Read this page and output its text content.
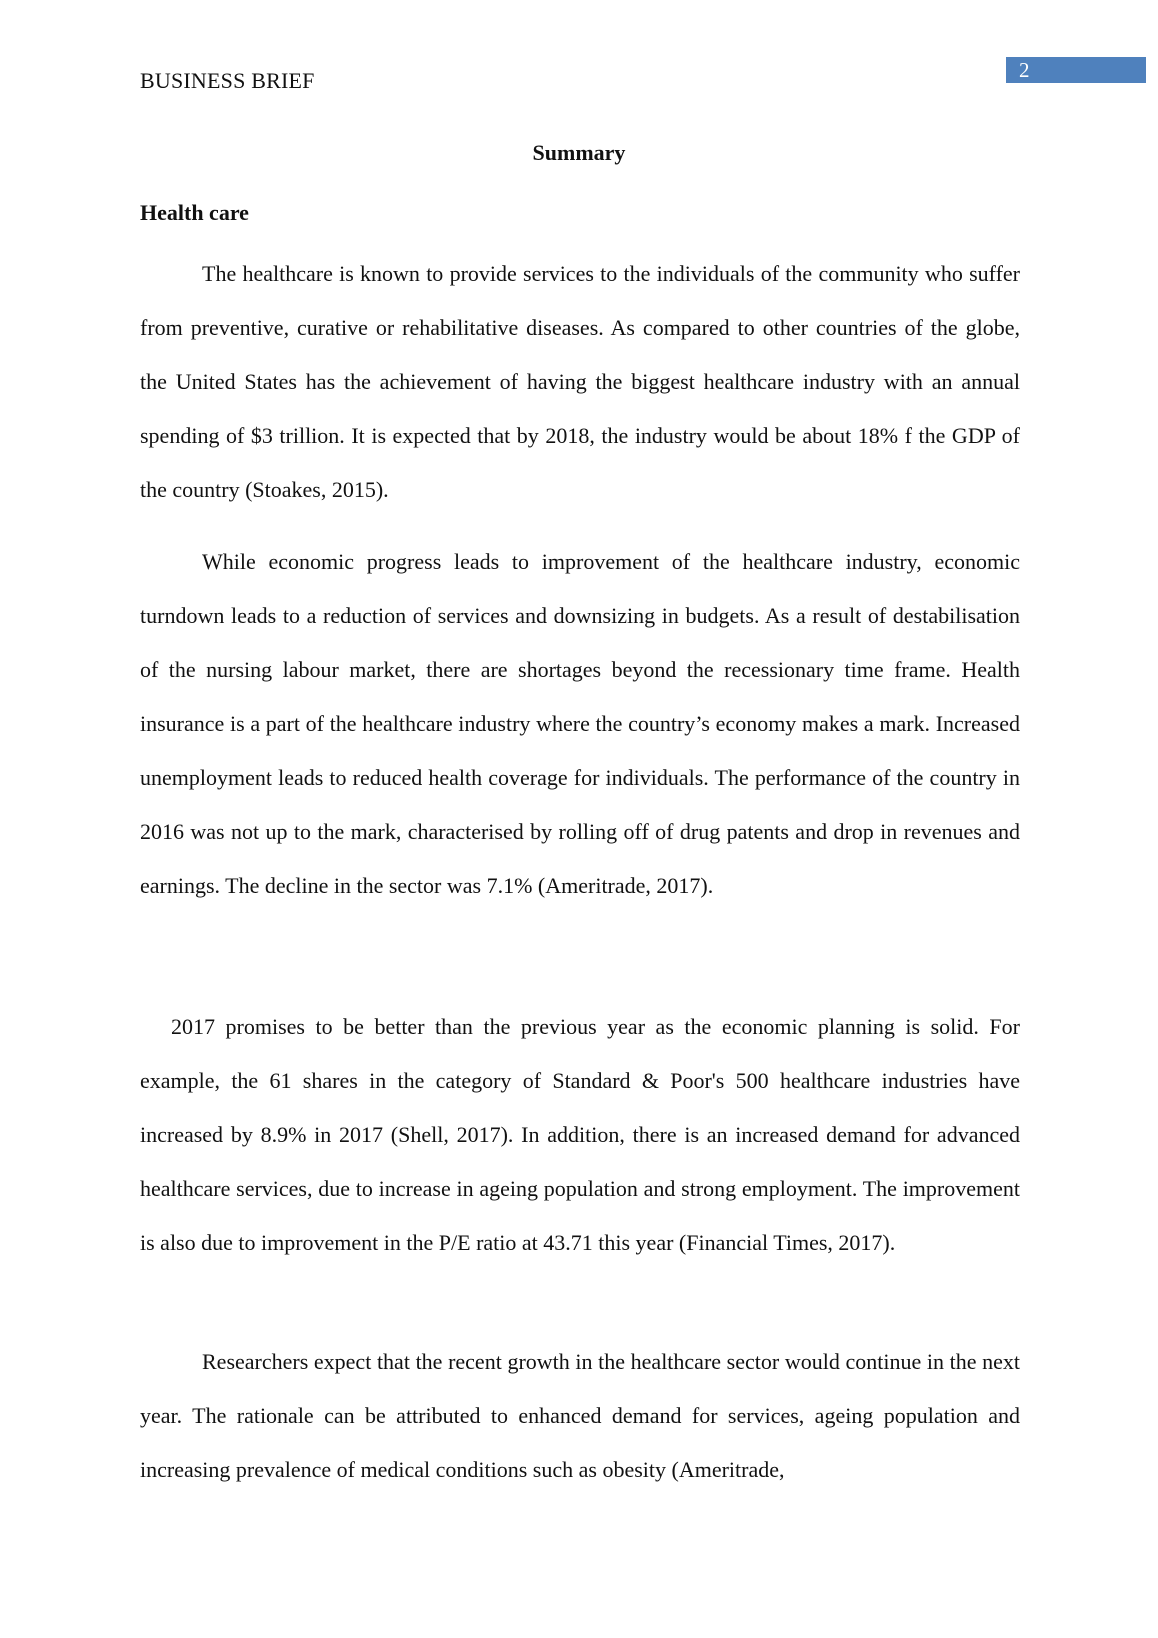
BUSINESS BRIEF	2
Summary
Health care

The healthcare is known to provide services to the individuals of the community who suffer from preventive, curative or rehabilitative diseases. As compared to other countries of the globe, the United States has the achievement of having the biggest healthcare industry with an annual spending of $3 trillion. It is expected that by 2018, the industry would be about 18% f the GDP of the country (Stoakes, 2015).

While economic progress leads to improvement of the healthcare industry, economic turndown leads to a reduction of services and downsizing in budgets. As a result of destabilisation of the nursing labour market, there are shortages beyond the recessionary time frame. Health insurance is a part of the healthcare industry where the country’s economy makes a mark. Increased unemployment leads to reduced health coverage for individuals. The performance of the country in 2016 was not up to the mark, characterised by rolling off of drug patents and drop in revenues and earnings. The decline in the sector was 7.1% (Ameritrade, 2017).

2017 promises to be better than the previous year as the economic planning is solid. For example, the 61 shares in the category of Standard & Poor's 500 healthcare industries have increased by 8.9% in 2017 (Shell, 2017). In addition, there is an increased demand for advanced healthcare services, due to increase in ageing population and strong employment. The improvement is also due to improvement in the P/E ratio at 43.71 this year (Financial Times, 2017).

Researchers expect that the recent growth in the healthcare sector would continue in the next year. The rationale can be attributed to enhanced demand for services, ageing population and increasing prevalence of medical conditions such as obesity (Ameritrade,
